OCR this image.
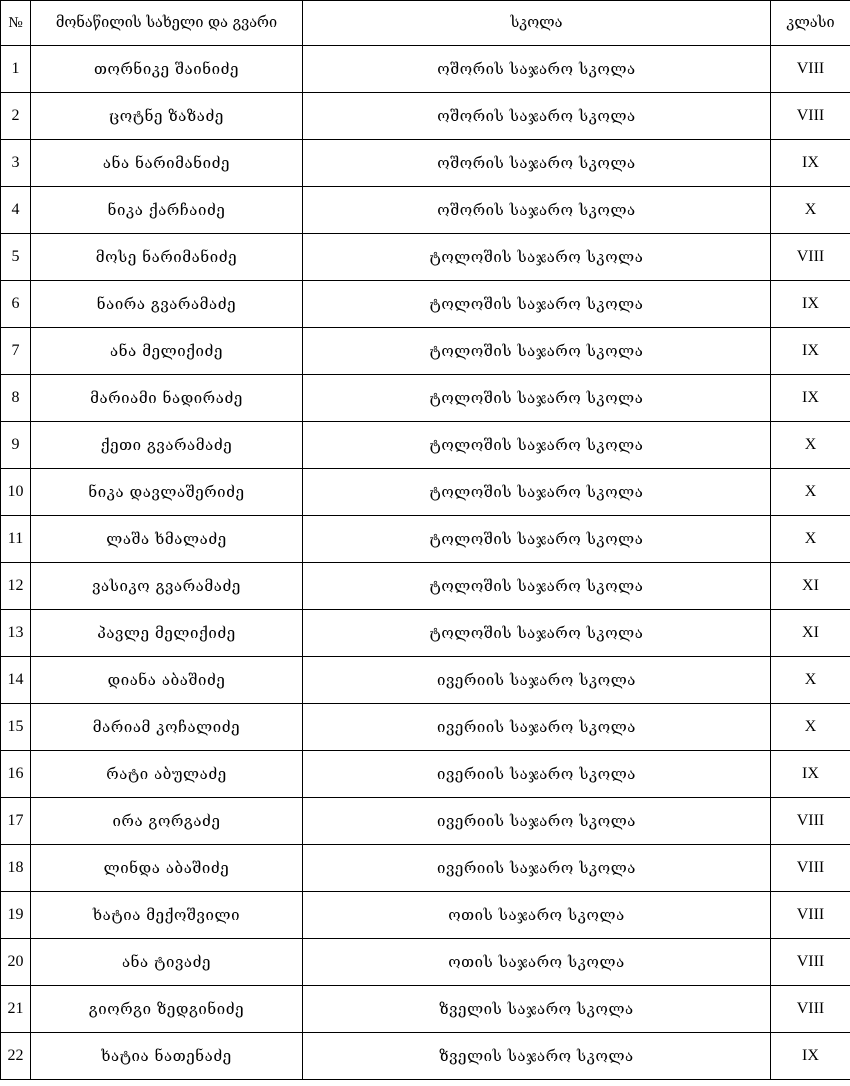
№	მონაწილის სახელი და გვარი	სკოლა	კლასი
1	თორნიკე შაინიძე	ოშორის საჯარო სკოლა	VIII
2	ცოტნე ზაზაძე	ოშორის საჯარო სკოლა	VIII
3	ანა ნარიმანიძე	ოშორის საჯარო სკოლა	IX
4	ნიკა ქარჩაიძე	ოშორის საჯარო სკოლა	X
5	მოსე ნარიმანიძე	ტოლოშის საჯარო სკოლა	VIII
6	ნაირა გვარამაძე	ტოლოშის საჯარო სკოლა	IX
7	ანა მელიქიძე	ტოლოშის საჯარო სკოლა	IX
8	მარიამი ნადირაძე	ტოლოშის საჯარო სკოლა	IX
9	ქეთი გვარამაძე	ტოლოშის საჯარო სკოლა	X
10	ნიკა დავლაშერიძე	ტოლოშის საჯარო სკოლა	X
11	ლაშა ხმალაძე	ტოლოშის საჯარო სკოლა	X
12	ვასიკო გვარამაძე	ტოლოშის საჯარო სკოლა	XI
13	პავლე მელიქიძე	ტოლოშის საჯარო სკოლა	XI
14	დიანა აბაშიძე	ივერიის საჯარო სკოლა	X
15	მარიამ კოჩალიძე	ივერიის საჯარო სკოლა	X
16	რატი აბულაძე	ივერიის საჯარო სკოლა	IX
17	ირა გორგაძე	ივერიის საჯარო სკოლა	VIII
18	ლინდა აბაშიძე	ივერიის საჯარო სკოლა	VIII
19	ხატია მექოშვილი	ოთის საჯარო სკოლა	VIII
20	ანა ტივაძე	ოთის საჯარო სკოლა	VIII
21	გიორგი ზედგინიძე	ზველის საჯარო სკოლა	VIII
22	ხატია ნათენაძე	ზველის საჯარო სკოლა	IX
